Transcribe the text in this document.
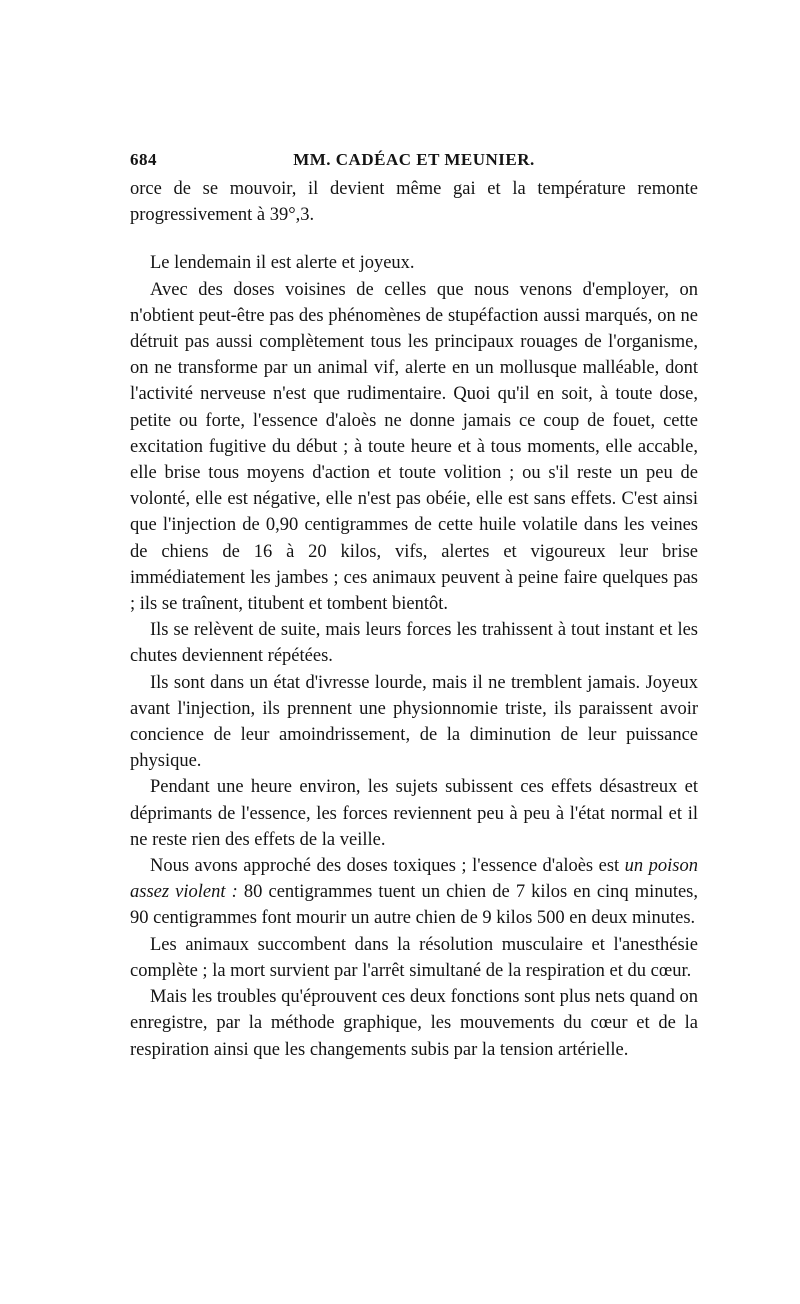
684	MM. CADÉAC ET MEUNIER.

orce de se mouvoir, il devient même gai et la température remonte progressivement à 39°,3.

Le lendemain il est alerte et joyeux.

Avec des doses voisines de celles que nous venons d'employer, on n'obtient peut-être pas des phénomènes de stupéfaction aussi marqués, on ne détruit pas aussi complètement tous les principaux rouages de l'organisme, on ne transforme par un animal vif, alerte en un mollusque malléable, dont l'activité nerveuse n'est que rudimentaire. Quoi qu'il en soit, à toute dose, petite ou forte, l'essence d'aloès ne donne jamais ce coup de fouet, cette excitation fugitive du début ; à toute heure et à tous moments, elle accable, elle brise tous moyens d'action et toute volition ; ou s'il reste un peu de volonté, elle est négative, elle n'est pas obéie, elle est sans effets. C'est ainsi que l'injection de 0,90 centigrammes de cette huile volatile dans les veines de chiens de 16 à 20 kilos, vifs, alertes et vigoureux leur brise immédiatement les jambes ; ces animaux peuvent à peine faire quelques pas ; ils se traînent, titubent et tombent bientôt.

Ils se relèvent de suite, mais leurs forces les trahissent à tout instant et les chutes deviennent répétées.

Ils sont dans un état d'ivresse lourde, mais il ne tremblent jamais. Joyeux avant l'injection, ils prennent une physionnomie triste, ils paraissent avoir concience de leur amoindrissement, de la diminution de leur puissance physique.

Pendant une heure environ, les sujets subissent ces effets désastreux et déprimants de l'essence, les forces reviennent peu à peu à l'état normal et il ne reste rien des effets de la veille.

Nous avons approché des doses toxiques ; l'essence d'aloès est un poison assez violent : 80 centigrammes tuent un chien de 7 kilos en cinq minutes, 90 centigrammes font mourir un autre chien de 9 kilos 500 en deux minutes.

Les animaux succombent dans la résolution musculaire et l'anesthésie complète ; la mort survient par l'arrêt simultané de la respiration et du cœur.

Mais les troubles qu'éprouvent ces deux fonctions sont plus nets quand on enregistre, par la méthode graphique, les mouvements du cœur et de la respiration ainsi que les changements subis par la tension artérielle.
